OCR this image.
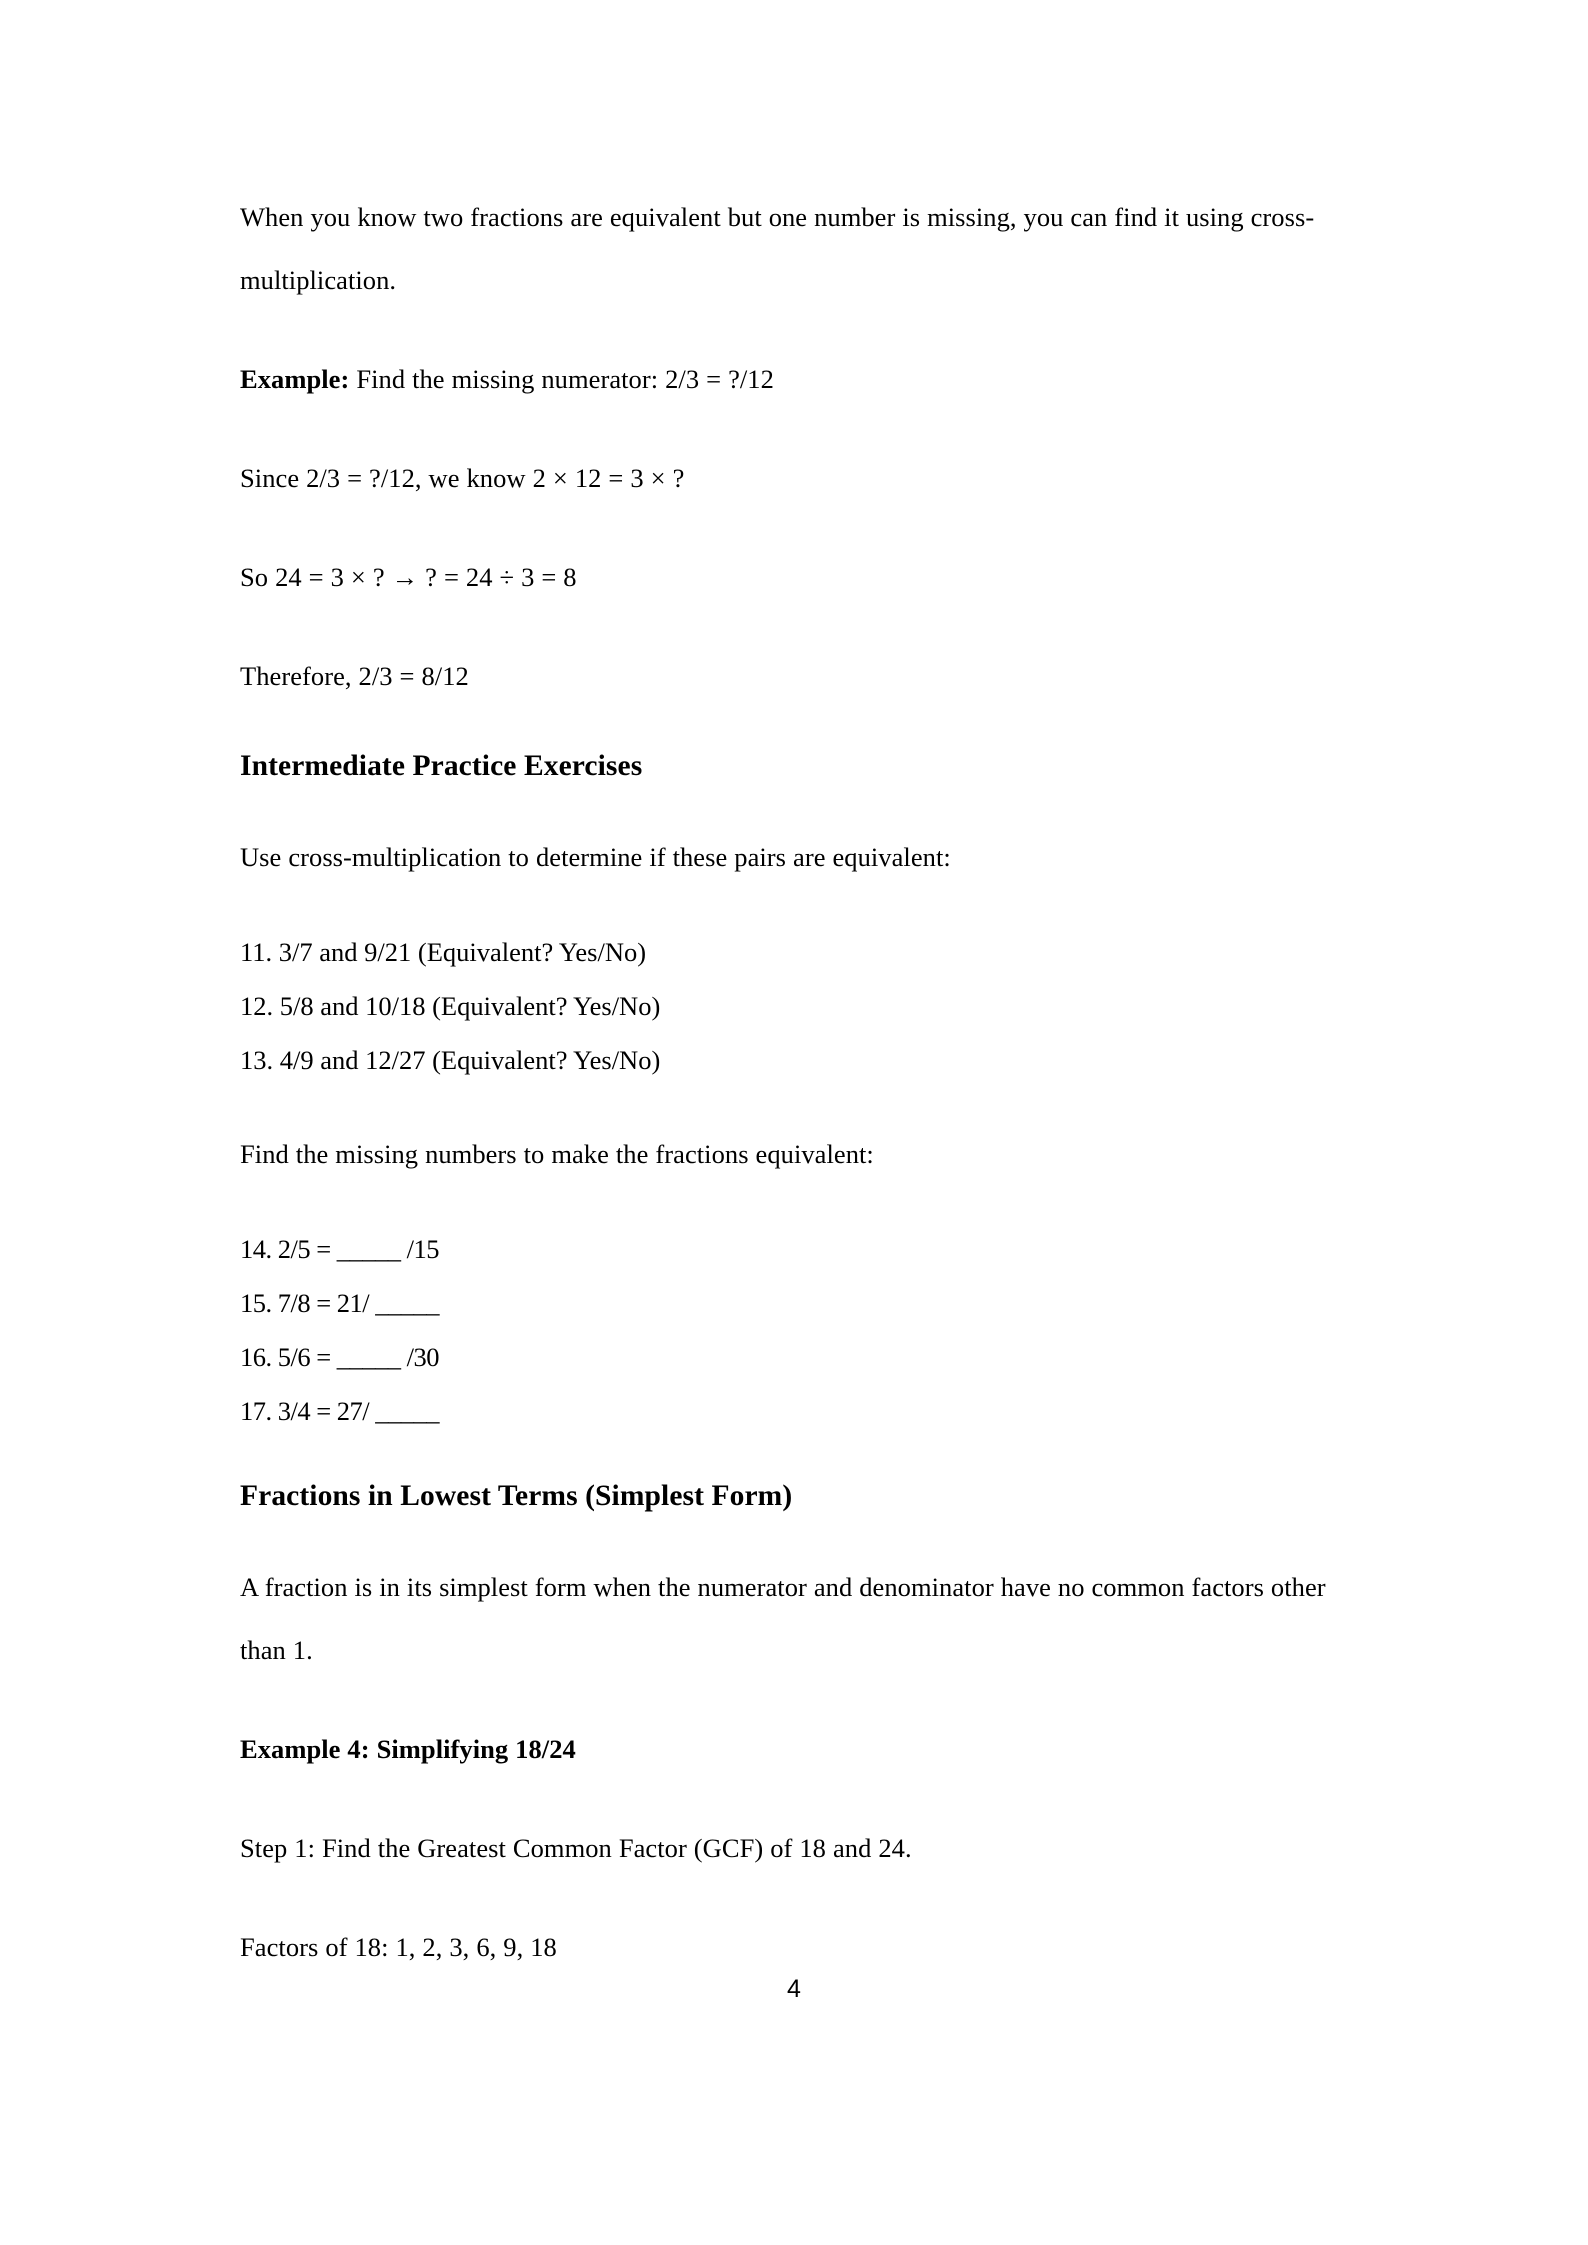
When you know two fractions are equivalent but one number is missing, you can find it using cross-multiplication.

Example: Find the missing numerator: 2/3 = ?/12

Since 2/3 = ?/12, we know 2 × 12 = 3 × ?

So 24 = 3 × ? → ? = 24 ÷ 3 = 8

Therefore, 2/3 = 8/12

Intermediate Practice Exercises

Use cross-multiplication to determine if these pairs are equivalent:

11. 3/7 and 9/21 (Equivalent? Yes/No)
12. 5/8 and 10/18 (Equivalent? Yes/No)
13. 4/9 and 12/27 (Equivalent? Yes/No)

Find the missing numbers to make the fractions equivalent:

14. 2/5 = _____ /15
15. 7/8 = 21/ _____
16. 5/6 = _____ /30
17. 3/4 = 27/ _____
Fractions in Lowest Terms (Simplest Form)

A fraction is in its simplest form when the numerator and denominator have no common factors other than 1.

Example 4: Simplifying 18/24

Step 1: Find the Greatest Common Factor (GCF) of 18 and 24.

Factors of 18: 1, 2, 3, 6, 9, 18

4
